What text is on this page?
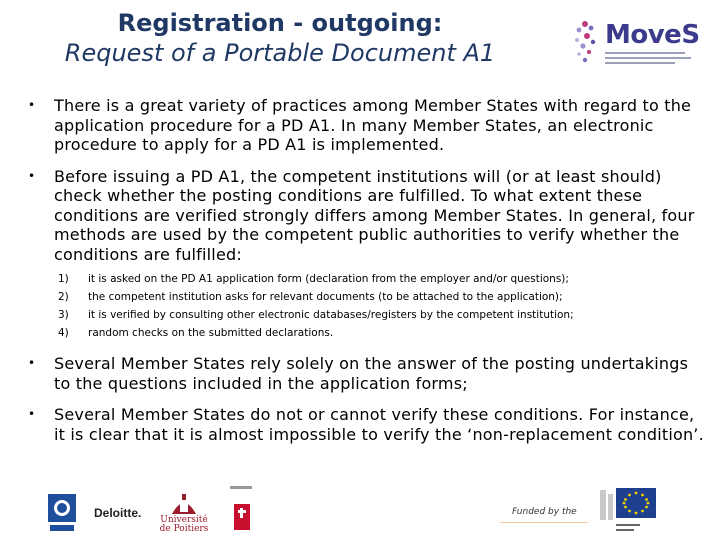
Registration - outgoing:
Request of a Portable Document A1
MoveS
• There is a great variety of practices among Member States with regard to the application procedure for a PD A1. In many Member States, an electronic procedure to apply for a PD A1 is implemented.
• Before issuing a PD A1, the competent institutions will (or at least should) check whether the posting conditions are fulfilled. To what extent these conditions are verified strongly differs among Member States. In general, four methods are used by the competent public authorities to verify whether the conditions are fulfilled:
1)	it is asked on the PD A1 application form (declaration from the employer and/or questions);
2)	the competent institution asks for relevant documents (to be attached to the application);
3)	it is verified by consulting other electronic databases/registers by the competent institution;
4)	random checks on the submitted declarations.
• Several Member States rely solely on the answer of the posting undertakings to the questions included in the application forms;
• Several Member States do not or cannot verify these conditions. For instance, it is clear that it is almost impossible to verify the ‘non-replacement condition’.
Deloitte.	Université de Poitiers
Funded by the
